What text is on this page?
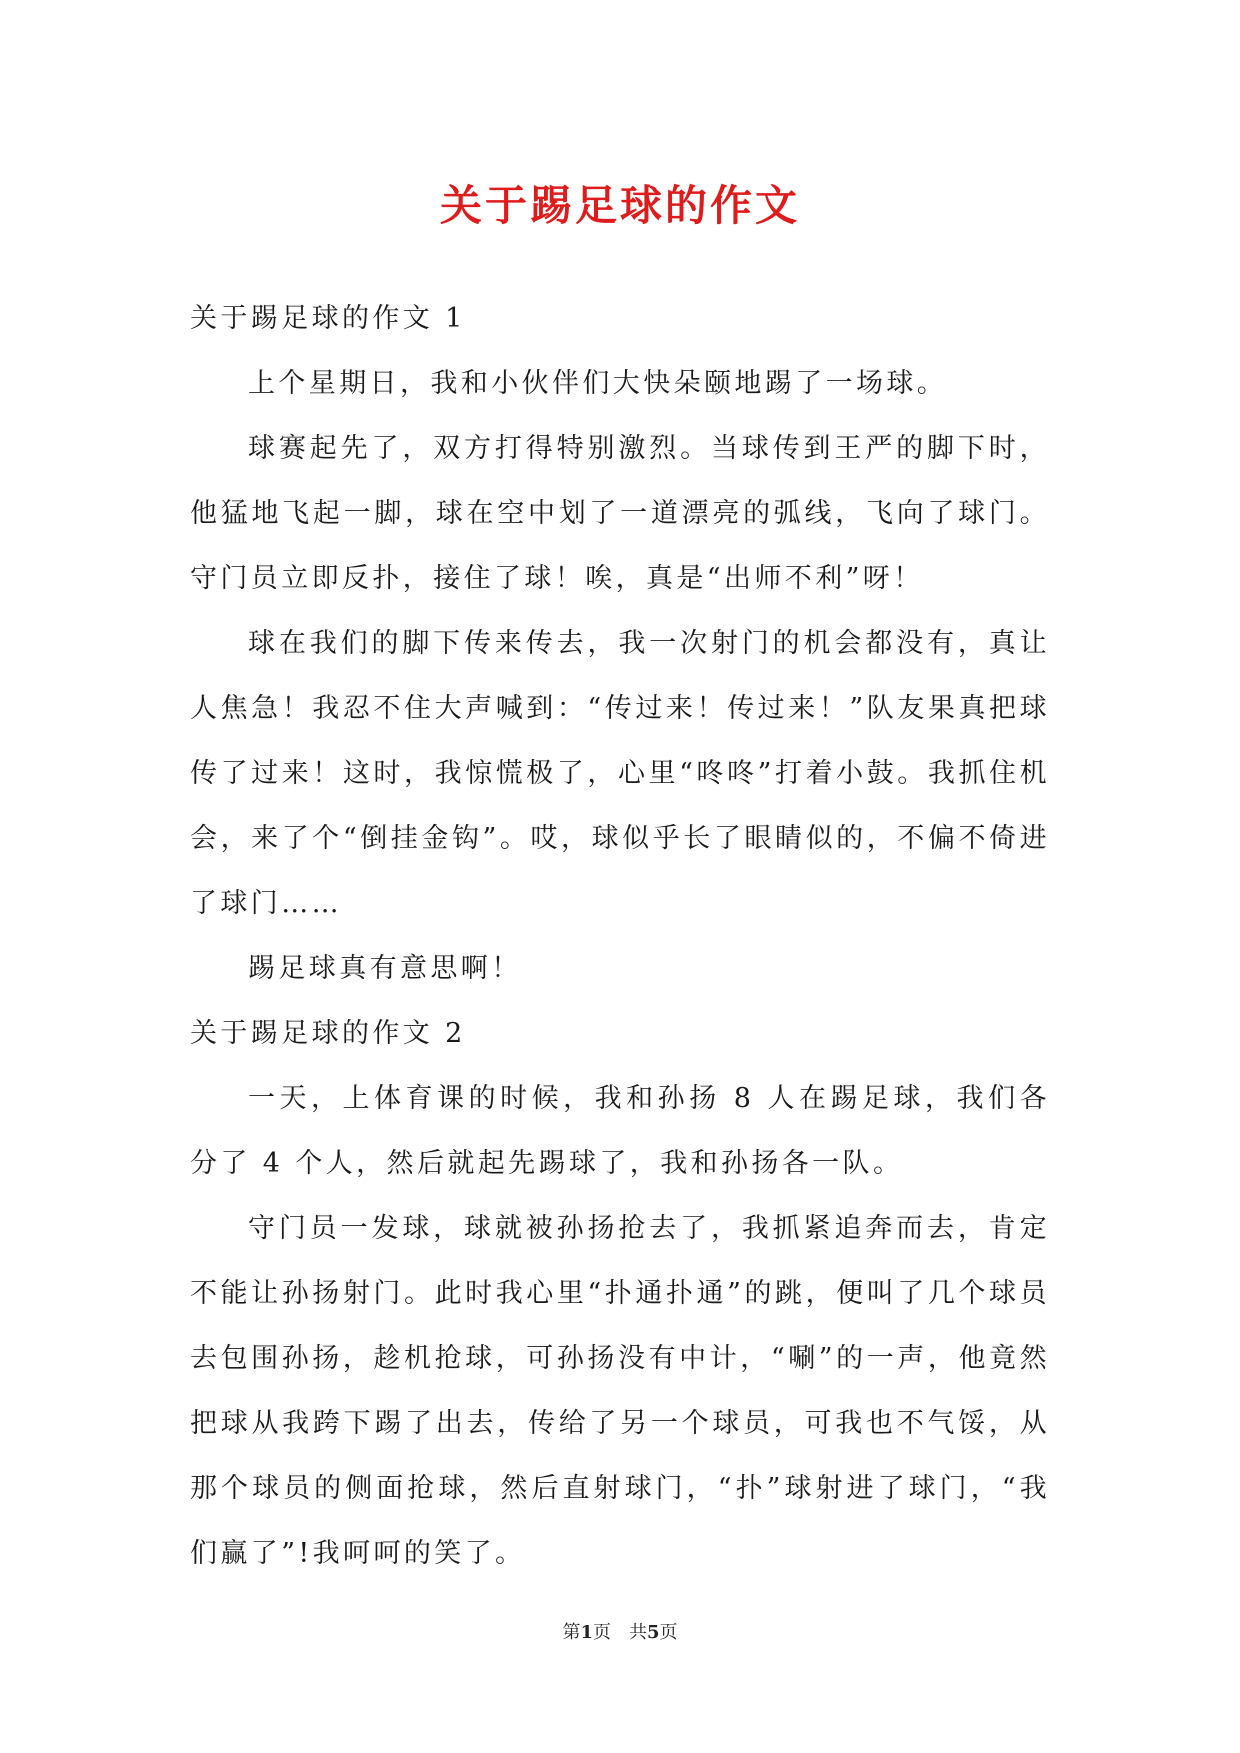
关于踢足球的作文

关于踢足球的作文 1

上个星期日，我和小伙伴们大快朵颐地踢了一场球。

球赛起先了，双方打得特别激烈。当球传到王严的脚下时，他猛地飞起一脚，球在空中划了一道漂亮的弧线，飞向了球门。守门员立即反扑，接住了球！唉，真是“出师不利”呀！

球在我们的脚下传来传去，我一次射门的机会都没有，真让人焦急！我忍不住大声喊到：“传过来！传过来！”队友果真把球传了过来！这时，我惊慌极了，心里“咚咚”打着小鼓。我抓住机会，来了个“倒挂金钩”。哎，球似乎长了眼睛似的，不偏不倚进了球门……

踢足球真有意思啊！

关于踢足球的作文 2

一天，上体育课的时候，我和孙扬 8 人在踢足球，我们各分了 4 个人，然后就起先踢球了，我和孙扬各一队。

守门员一发球，球就被孙扬抢去了，我抓紧追奔而去，肯定不能让孙扬射门。此时我心里“扑通扑通”的跳，便叫了几个球员去包围孙扬，趁机抢球，可孙扬没有中计，“唰”的一声，他竟然把球从我跨下踢了出去，传给了另一个球员，可我也不气馁，从那个球员的侧面抢球，然后直射球门，“扑”球射进了球门，“我们赢了”!我呵呵的笑了。

第1页 共5页
